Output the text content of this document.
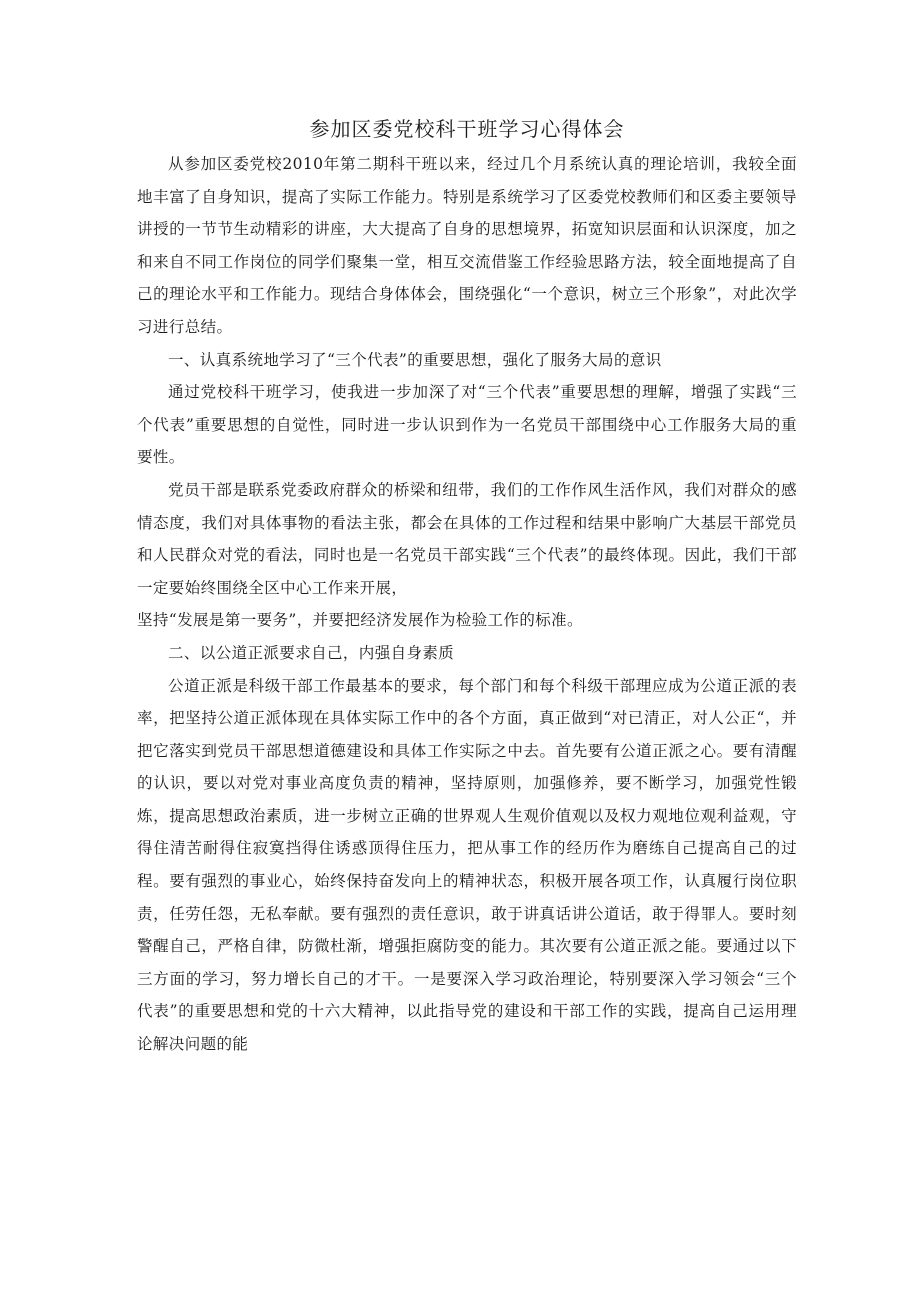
参加区委党校科干班学习心得体会

从参加区委党校2010年第二期科干班以来，经过几个月系统认真的理论培训，我较全面地丰富了自身知识，提高了实际工作能力。特别是系统学习了区委党校教师们和区委主要领导讲授的一节节生动精彩的讲座，大大提高了自身的思想境界，拓宽知识层面和认识深度，加之和来自不同工作岗位的同学们聚集一堂，相互交流借鉴工作经验思路方法，较全面地提高了自己的理论水平和工作能力。现结合身体体会，围绕强化“一个意识，树立三个形象”，对此次学习进行总结。

一、认真系统地学习了“三个代表”的重要思想，强化了服务大局的意识

通过党校科干班学习，使我进一步加深了对“三个代表”重要思想的理解，增强了实践“三个代表”重要思想的自觉性，同时进一步认识到作为一名党员干部围绕中心工作服务大局的重要性。

党员干部是联系党委政府群众的桥梁和纽带，我们的工作作风生活作风，我们对群众的感情态度，我们对具体事物的看法主张，都会在具体的工作过程和结果中影响广大基层干部党员和人民群众对党的看法，同时也是一名党员干部实践“三个代表”的最终体现。因此，我们干部一定要始终围绕全区中心工作来开展，

坚持“发展是第一要务”，并要把经济发展作为检验工作的标准。

二、以公道正派要求自己，内强自身素质

公道正派是科级干部工作最基本的要求，每个部门和每个科级干部理应成为公道正派的表率，把坚持公道正派体现在具体实际工作中的各个方面，真正做到“对已清正，对人公正“，并把它落实到党员干部思想道德建设和具体工作实际之中去。首先要有公道正派之心。要有清醒的认识，要以对党对事业高度负责的精神，坚持原则，加强修养，要不断学习，加强党性锻炼，提高思想政治素质，进一步树立正确的世界观人生观价值观以及权力观地位观利益观，守得住清苦耐得住寂寞挡得住诱惑顶得住压力，把从事工作的经历作为磨练自己提高自己的过程。要有强烈的事业心，始终保持奋发向上的精神状态，积极开展各项工作，认真履行岗位职责，任劳任怨，无私奉献。要有强烈的责任意识，敢于讲真话讲公道话，敢于得罪人。要时刻警醒自己，严格自律，防微杜渐，增强拒腐防变的能力。其次要有公道正派之能。要通过以下三方面的学习，努力增长自己的才干。一是要深入学习政治理论，特别要深入学习领会“三个代表”的重要思想和党的十六大精神，以此指导党的建设和干部工作的实践，提高自己运用理论解决问题的能
